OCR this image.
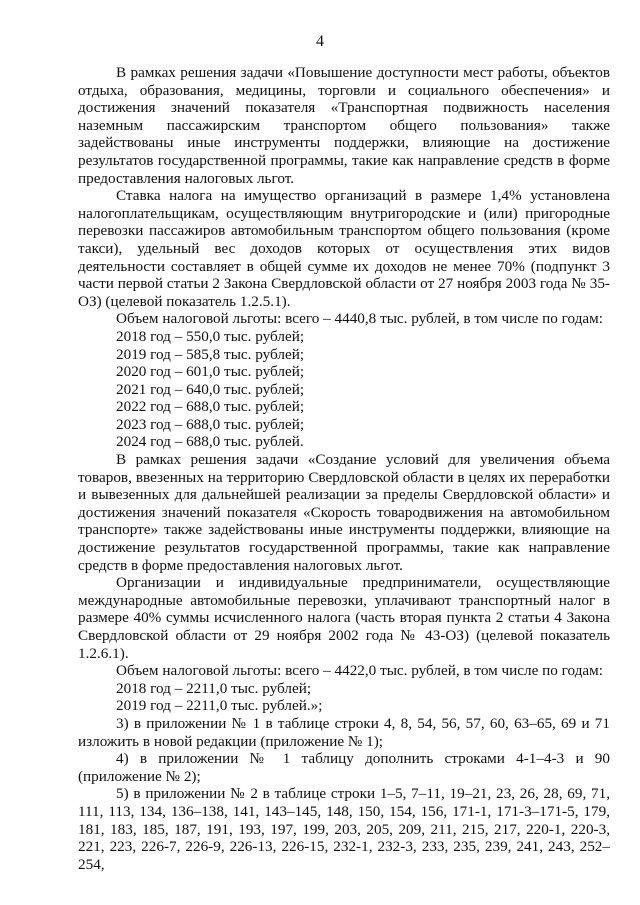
4

В рамках решения задачи «Повышение доступности мест работы, объектов отдыха, образования, медицины, торговли и социального обеспечения» и достижения значений показателя «Транспортная подвижность населения наземным пассажирским транспортом общего пользования» также задействованы иные инструменты поддержки, влияющие на достижение результатов государственной программы, такие как направление средств в форме предоставления налоговых льгот.

Ставка налога на имущество организаций в размере 1,4% установлена налогоплательщикам, осуществляющим внутригородские и (или) пригородные перевозки пассажиров автомобильным транспортом общего пользования (кроме такси), удельный вес доходов которых от осуществления этих видов деятельности составляет в общей сумме их доходов не менее 70% (подпункт 3 части первой статьи 2 Закона Свердловской области от 27 ноября 2003 года № 35-ОЗ) (целевой показатель 1.2.5.1).

Объем налоговой льготы: всего – 4440,8 тыс. рублей, в том числе по годам:

2018 год – 550,0 тыс. рублей;

2019 год – 585,8 тыс. рублей;

2020 год – 601,0 тыс. рублей;

2021 год – 640,0 тыс. рублей;

2022 год – 688,0 тыс. рублей;

2023 год – 688,0 тыс. рублей;

2024 год – 688,0 тыс. рублей.

В рамках решения задачи «Создание условий для увеличения объема товаров, ввезенных на территорию Свердловской области в целях их переработки и вывезенных для дальнейшей реализации за пределы Свердловской области» и достижения значений показателя «Скорость товародвижения на автомобильном транспорте» также задействованы иные инструменты поддержки, влияющие на достижение результатов государственной программы, такие как направление средств в форме предоставления налоговых льгот.

Организации и индивидуальные предприниматели, осуществляющие международные автомобильные перевозки, уплачивают транспортный налог в размере 40% суммы исчисленного налога (часть вторая пункта 2 статьи 4 Закона Свердловской области от 29 ноября 2002 года № 43-ОЗ) (целевой показатель 1.2.6.1).

Объем налоговой льготы: всего – 4422,0 тыс. рублей, в том числе по годам:

2018 год – 2211,0 тыс. рублей;

2019 год – 2211,0 тыс. рублей.»;

3) в приложении № 1 в таблице строки 4, 8, 54, 56, 57, 60, 63–65, 69 и 71 изложить в новой редакции (приложение № 1);

4) в приложении № 1 таблицу дополнить строками 4-1–4-3 и 90 (приложение № 2);

5) в приложении № 2 в таблице строки 1–5, 7–11, 19–21, 23, 26, 28, 69, 71, 111, 113, 134, 136–138, 141, 143–145, 148, 150, 154, 156, 171-1, 171-3–171-5, 179, 181, 183, 185, 187, 191, 193, 197, 199, 203, 205, 209, 211, 215, 217, 220-1, 220-3, 221, 223, 226-7, 226-9, 226-13, 226-15, 232-1, 232-3, 233, 235, 239, 241, 243, 252–254,
